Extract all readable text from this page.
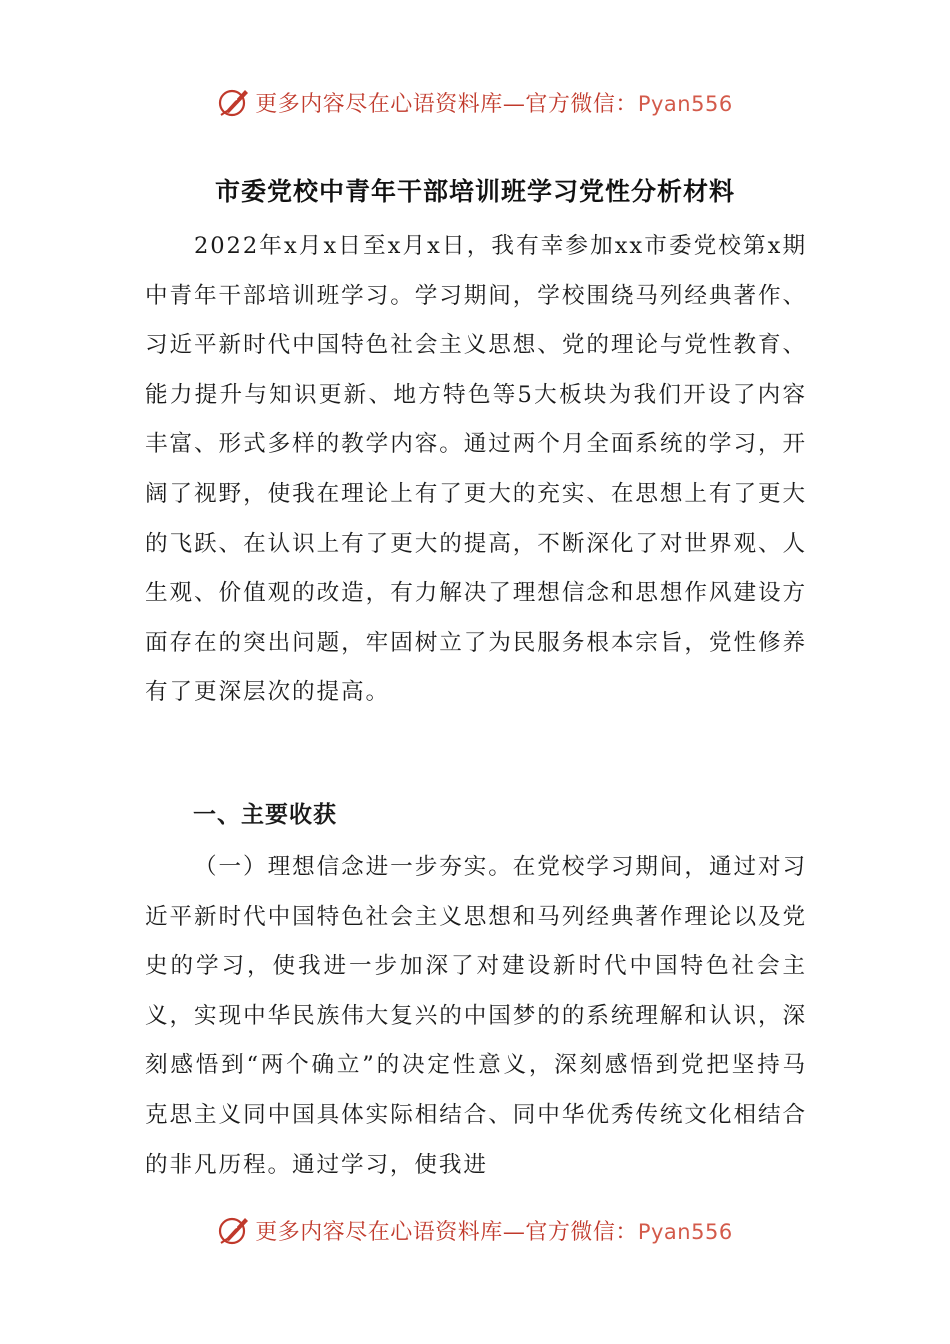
更多内容尽在心语资料库—官方微信：Pyan556
市委党校中青年干部培训班学习党性分析材料

2022年x月x日至x月x日，我有幸参加xx市委党校第x期中青年干部培训班学习。学习期间，学校围绕马列经典著作、习近平新时代中国特色社会主义思想、党的理论与党性教育、能力提升与知识更新、地方特色等5大板块为我们开设了内容丰富、形式多样的教学内容。通过两个月全面系统的学习，开阔了视野，使我在理论上有了更大的充实、在思想上有了更大的飞跃、在认识上有了更大的提高，不断深化了对世界观、人生观、价值观的改造，有力解决了理想信念和思想作风建设方面存在的突出问题，牢固树立了为民服务根本宗旨，党性修养有了更深层次的提高。

一、主要收获

（一）理想信念进一步夯实。在党校学习期间，通过对习近平新时代中国特色社会主义思想和马列经典著作理论以及党史的学习，使我进一步加深了对建设新时代中国特色社会主义，实现中华民族伟大复兴的中国梦的的系统理解和认识，深刻感悟到“两个确立”的决定性意义，深刻感悟到党把坚持马克思主义同中国具体实际相结合、同中华优秀传统文化相结合的非凡历程。通过学习，使我进

更多内容尽在心语资料库—官方微信：Pyan556
